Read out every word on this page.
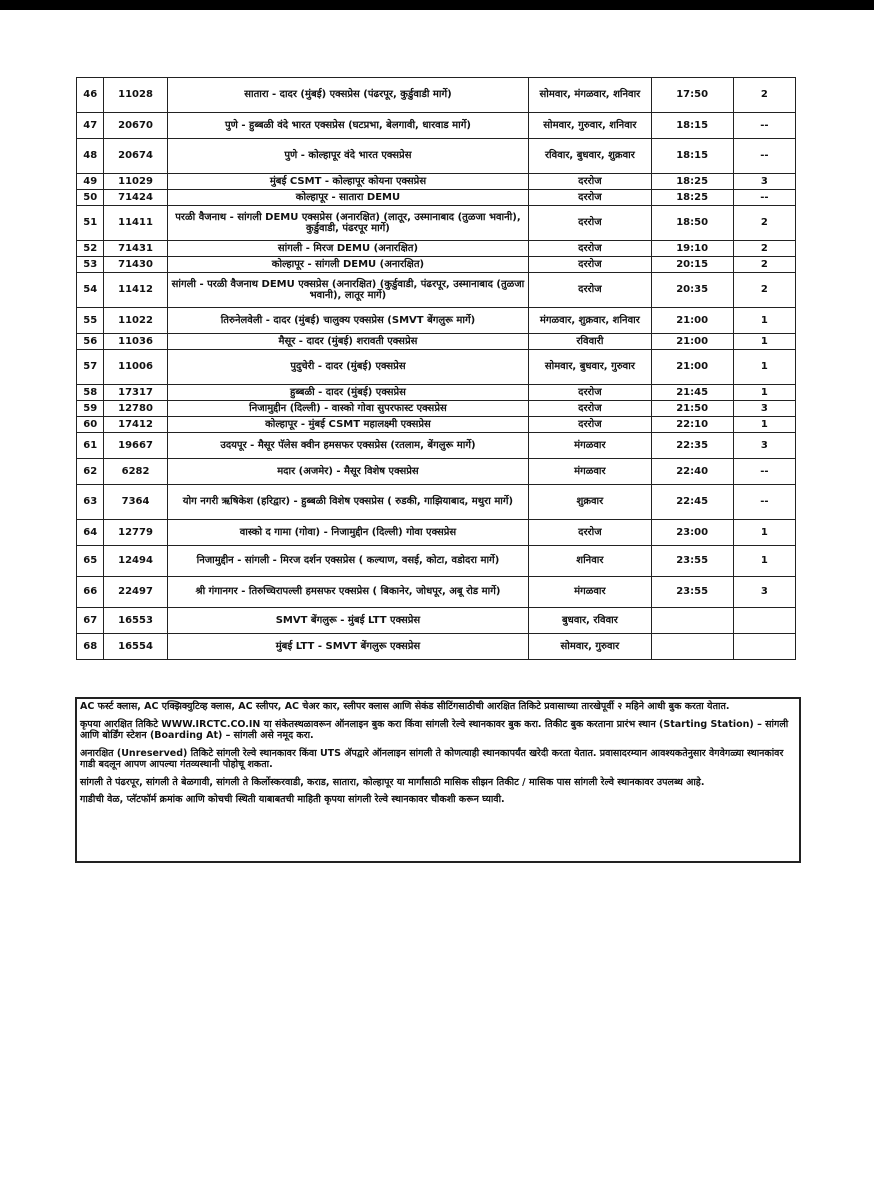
46	11028	सातारा - दादर (मुंबई) एक्सप्रेस (पंढरपूर, कुर्डुवाडी मार्गे)	सोमवार, मंगळवार, शनिवार	17:50	2
47	20670	पुणे - हुब्बळी वंदे भारत एक्सप्रेस (घटप्रभा, बेलगावी, धारवाड मार्गे)	सोमवार, गुरुवार, शनिवार	18:15	--
48	20674	पुणे - कोल्हापूर वंदे भारत एक्सप्रेस	रविवार, बुधवार, शुक्रवार	18:15	--
49	11029	मुंबई CSMT - कोल्हापूर कोयना एक्सप्रेस	दररोज	18:25	3
50	71424	कोल्हापूर - सातारा DEMU	दररोज	18:25	--
51	11411	परळी वैजनाथ - सांगली DEMU एक्सप्रेस (अनारक्षित) (लातूर, उस्मानाबाद (तुळजा भवानी), कुर्डुवाडी, पंढरपूर मार्गे)	दररोज	18:50	2
52	71431	सांगली - मिरज DEMU (अनारक्षित)	दररोज	19:10	2
53	71430	कोल्हापूर - सांगली DEMU (अनारक्षित)	दररोज	20:15	2
54	11412	सांगली - परळी वैजनाथ DEMU एक्सप्रेस (अनारक्षित) (कुर्डुवाडी, पंढरपूर, उस्मानाबाद (तुळजा भवानी), लातूर मार्गे)	दररोज	20:35	2
55	11022	तिरुनेलवेली - दादर (मुंबई) चालुक्य एक्सप्रेस (SMVT बेंगलुरू मार्गे)	मंगळवार, शुक्रवार, शनिवार	21:00	1
56	11036	मैसूर - दादर (मुंबई) शरावती एक्सप्रेस	रविवारी	21:00	1
57	11006	पुदुचेरी - दादर (मुंबई) एक्सप्रेस	सोमवार, बुधवार, गुरुवार	21:00	1
58	17317	हुब्बळी - दादर (मुंबई) एक्सप्रेस	दररोज	21:45	1
59	12780	निजामुद्दीन (दिल्ली) - वास्को गोवा सुपरफास्ट एक्सप्रेस	दररोज	21:50	3
60	17412	कोल्हापूर - मुंबई CSMT महालक्ष्मी एक्सप्रेस	दररोज	22:10	1
61	19667	उदयपूर - मैसूर पॅलेस क्वीन हमसफर एक्सप्रेस (रतलाम, बेंगलुरू मार्गे)	मंगळवार	22:35	3
62	6282	मदार (अजमेर) - मैसूर विशेष एक्सप्रेस	मंगळवार	22:40	--
63	7364	योग नगरी ऋषिकेश (हरिद्वार) - हुब्बळी विशेष एक्सप्रेस ( रुडकी, गाझियाबाद, मथुरा मार्गे)	शुक्रवार	22:45	--
64	12779	वास्को द गामा (गोवा) - निजामुद्दीन (दिल्ली) गोवा एक्सप्रेस	दररोज	23:00	1
65	12494	निजामुद्दीन - सांगली - मिरज दर्शन एक्सप्रेस ( कल्याण, वसई, कोटा, वडोदरा मार्गे)	शनिवार	23:55	1
66	22497	श्री गंगानगर - तिरुच्चिरापल्ली हमसफर एक्सप्रेस ( बिकानेर, जोधपूर, अबू रोड मार्गे)	मंगळवार	23:55	3
67	16553	SMVT बेंगलुरू - मुंबई LTT एक्सप्रेस	बुधवार, रविवार		
68	16554	मुंबई LTT - SMVT बेंगलुरू एक्सप्रेस	सोमवार, गुरुवार		

AC फर्स्ट क्लास, AC एक्झिक्युटिव्ह क्लास, AC स्लीपर, AC चेअर कार, स्लीपर क्लास आणि सेकंड सीटिंगसाठीची आरक्षित तिकिटे प्रवासाच्या तारखेपूर्वी २ महिने आधी बुक करता येतात.

कृपया आरक्षित तिकिटे WWW.IRCTC.CO.IN या संकेतस्थळावरून ऑनलाइन बुक करा किंवा सांगली रेल्वे स्थानकावर बुक करा. तिकीट बुक करताना प्रारंभ स्थान (Starting Station) – सांगली आणि बोर्डिंग स्टेशन (Boarding At) – सांगली असे नमूद करा.

अनारक्षित (Unreserved) तिकिटे सांगली रेल्वे स्थानकावर किंवा UTS ॲपद्वारे ऑनलाइन सांगली ते कोणत्याही स्थानकापर्यंत खरेदी करता येतात. प्रवासादरम्यान आवश्यकतेनुसार वेगवेगळ्या स्थानकांवर गाडी बदलून आपण आपल्या गंतव्यस्थानी पोहोचू शकता.

सांगली ते पंढरपूर, सांगली ते बेळगावी, सांगली ते किर्लोस्करवाडी, कराड, सातारा, कोल्हापूर या मार्गांसाठी मासिक सीझन तिकीट / मासिक पास सांगली रेल्वे स्थानकावर उपलब्ध आहे.

गाडीची वेळ, प्लॅटफॉर्म क्रमांक आणि कोचची स्थिती याबाबतची माहिती कृपया सांगली रेल्वे स्थानकावर चौकशी करून घ्यावी.
